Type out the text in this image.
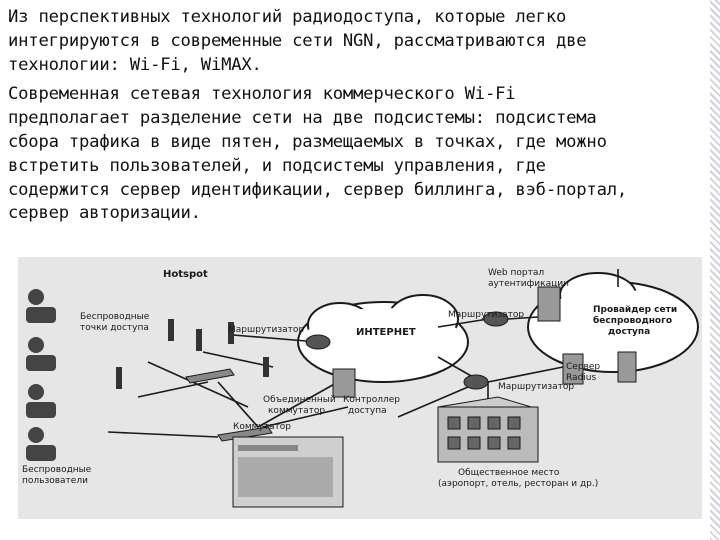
Из перспективных технологий радиодоступа, которые легко
интегрируются в современные сети NGN, рассматриваются две
технологии: Wi-Fi, WiMAX.

Современная сетевая технология коммерческого Wi-Fi
предполагает разделение сети на две подсистемы: подсистема
сбора трафика в виде пятен, размещаемых в точках, где можно
встретить пользователей, и подсистемы управления, где
содержится сервер идентификации, сервер биллинга, вэб-портал,
сервер авторизации.

Hotspot
Беспроводные точки доступа	Маршрутизатор	ИНТЕРНЕТ
Маршрутизатор
Web портал аутентификации
Провайдер сети беспроводного доступа
Сервер Radius
Маршрутизатор
Объединенный коммутатор
Контроллер доступа
Коммутатор
Беспроводные пользователи
Общественное место (аэропорт, отель, ресторан и др.)
